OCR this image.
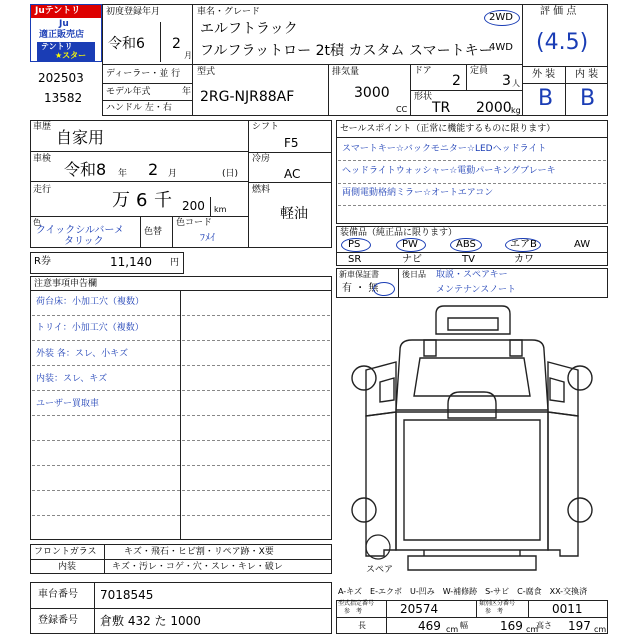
Juテントリ
Ju
適正販売店
テントリ
★スター
202503
13582
初度登録年月
令和6 2
月
車名・グレード
エルフトラック
フルフラットロー 2t積 カスタム スマートキー
2WD
4WD
評 価 点
(4.5)
外 装 内 装
B B
ディーラー・並 行
モデル年式	年
ハンドル 左・右
型式
2RG-NJR88AF
排気量
3000
CC
ドア
2
定員
3 人
形状
TR 2000 kg
車歴
自家用
車検
令和8 年 2 月	(日)
走行	万 6 千 200 km
色
クイックシルバーメ
タリック
色替
色コード
ﾌﾒｲ
シフト
F5
冷房
AC
燃料
軽油
R券	11,140 円
セールスポイント（正常に機能するものに限ります）
スマートキー☆バックモニター☆LEDヘッドライト
ヘッドライトウォッシャー☆電動パーキングブレーキ
両側電動格納ミラー☆オートエアコン
装備品（純正品に限ります）
PS	PW	ABS	エアB	AW
SR	ナビ	TV	カワ
新車保証書
有 ・ 無
後日品 取説・スペアキー
メンテナンスノート
注意事項申告欄
荷台床：小加工穴（複数）
トリイ：小加工穴（複数）
外装 各：スレ、小キズ
内装：スレ、キズ
ユーザー買取車
スペア
フロントガラス	キズ・飛石・ヒビ割・リペア跡・X要
内装	キズ・汚レ・コゲ・穴・スレ・キレ・破レ
車台番号 7018545
登録番号 倉敷 432 た 1000
A-キズ　E-エクボ　U-凹み　W-補修跡　S-サビ　C-腐食　XX-交換済
型式指定番号
参　考	20574	類別区分番号
参　考	0011
長	469 cm 幅	169 cm
高さ 197 cm
